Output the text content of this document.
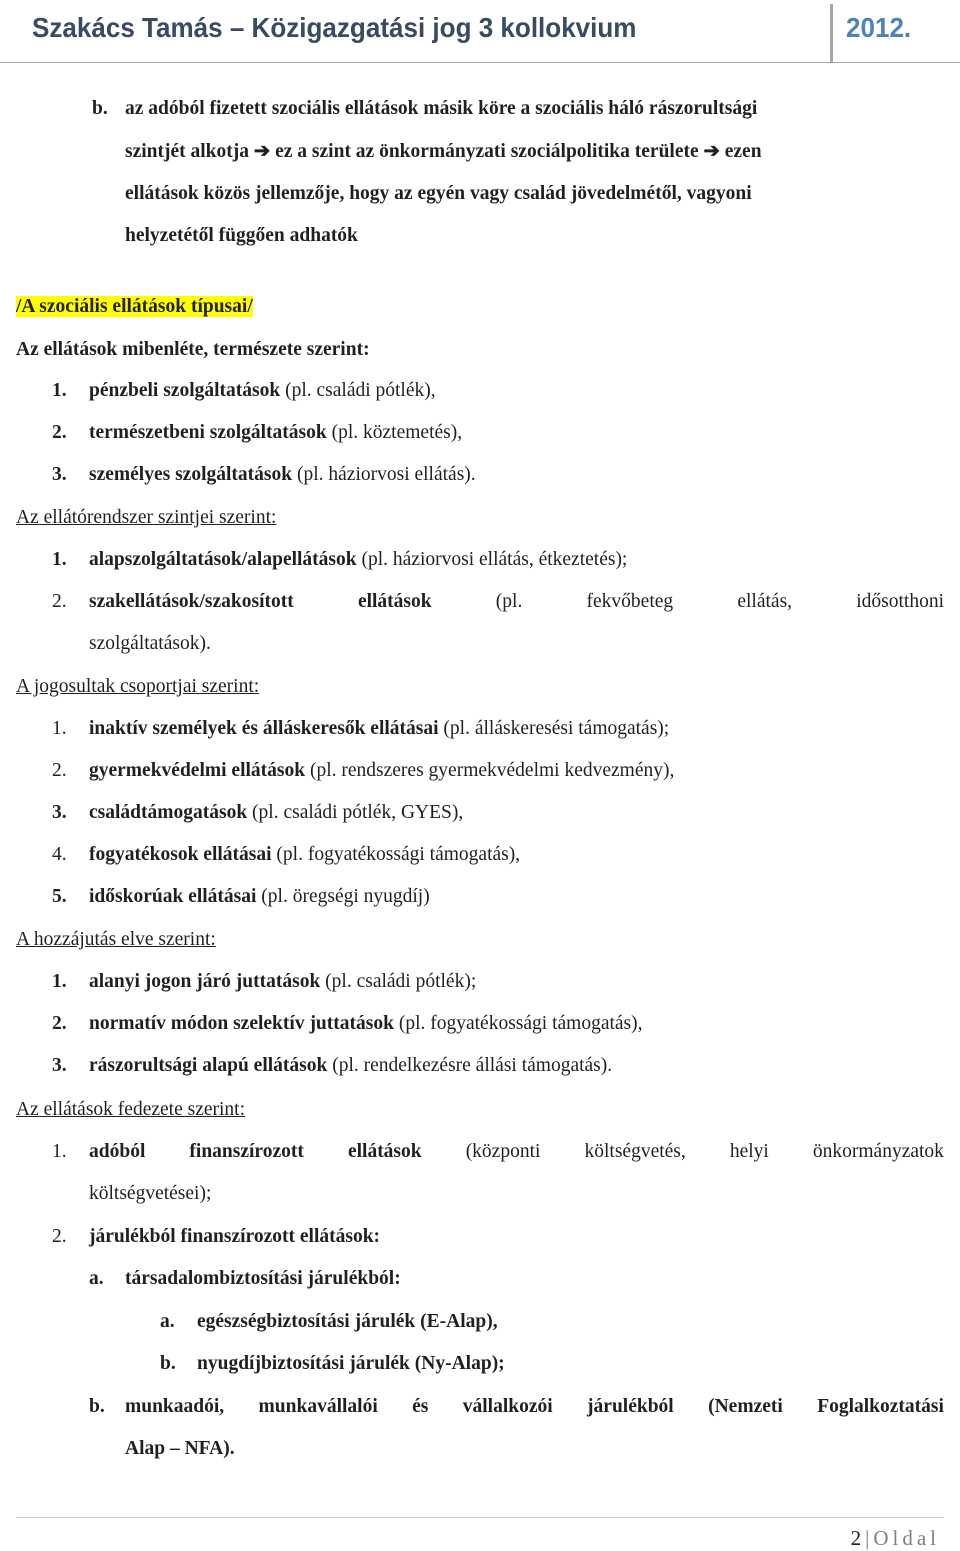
Szakács Tamás – Közigazgatási jog 3 kollokvium	2012.
b. az adóból fizetett szociális ellátások másik köre a szociális háló rászorultsági
szintjét alkotja ➔ ez a szint az önkormányzati szociálpolitika területe ➔ ezen
ellátások közös jellemzője, hogy az egyén vagy család jövedelmétől, vagyoni
helyzetétől függően adhatók
/A szociális ellátások típusai/
Az ellátások mibenléte, természete szerint:
1. pénzbeli szolgáltatások (pl. családi pótlék),
2. természetbeni szolgáltatások (pl. köztemetés),
3. személyes szolgáltatások (pl. háziorvosi ellátás).
Az ellátórendszer szintjei szerint:
1. alapszolgáltatások/alapellátások (pl. háziorvosi ellátás, étkeztetés);
2. szakellátások/szakosított	ellátások	(pl.	fekvőbeteg	ellátás,	idősotthoni
szolgáltatások).
A jogosultak csoportjai szerint:
1. inaktív személyek és álláskeresők ellátásai (pl. álláskeresési támogatás);
2. gyermekvédelmi ellátások (pl. rendszeres gyermekvédelmi kedvezmény),
3. családtámogatások (pl. családi pótlék, GYES),
4. fogyatékosok ellátásai (pl. fogyatékossági támogatás),
5. időskorúak ellátásai (pl. öregségi nyugdíj)
A hozzájutás elve szerint:
1. alanyi jogon járó juttatások (pl. családi pótlék);
2. normatív módon szelektív juttatások (pl. fogyatékossági támogatás),
3. rászorultsági alapú ellátások (pl. rendelkezésre állási támogatás).
Az ellátások fedezete szerint:
1. adóból finanszírozott ellátások (központi költségvetés, helyi önkormányzatok
költségvetései);
2. járulékból finanszírozott ellátások:
a. társadalombiztosítási járulékból:
a. egészségbiztosítási járulék (E-Alap),
b. nyugdíjbiztosítási járulék (Ny-Alap);
b. munkaadói, munkavállalói és vállalkozói járulékból (Nemzeti Foglalkoztatási
Alap – NFA).
2 | Oldal
